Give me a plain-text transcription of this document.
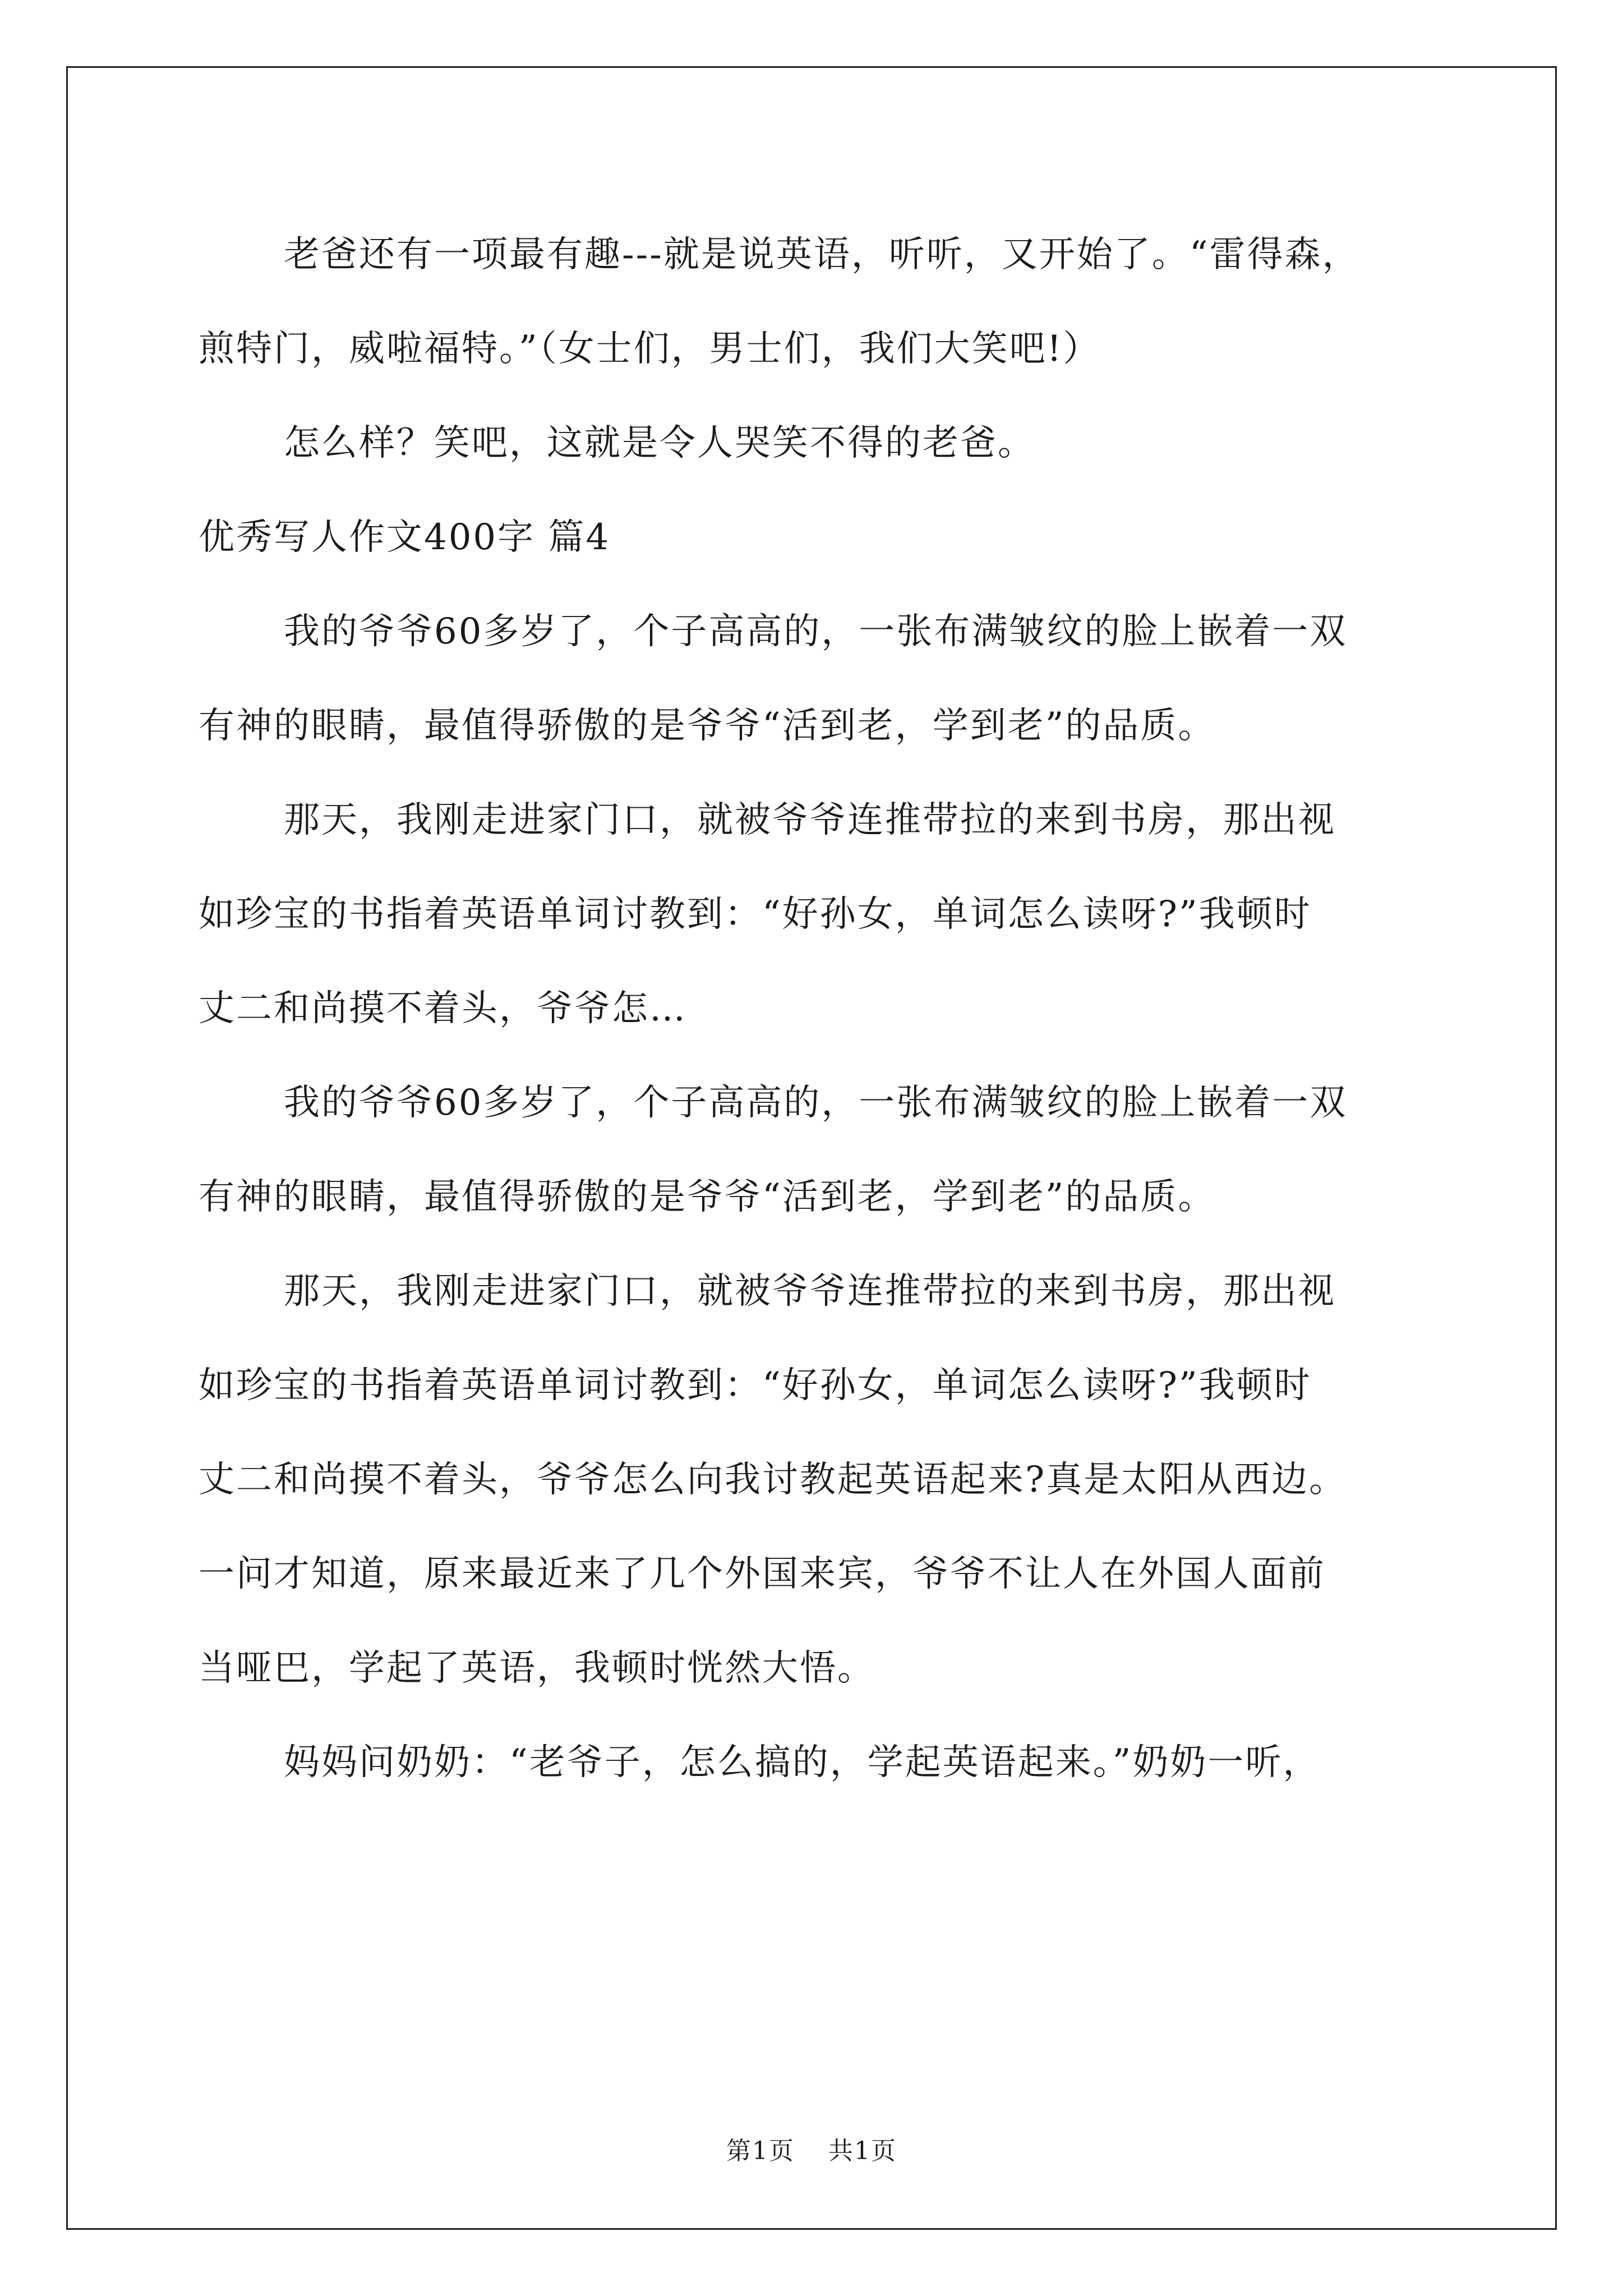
老爸还有一项最有趣---就是说英语，听听，又开始了。“雷得森，
煎特门，威啦福特。”（女士们，男士们，我们大笑吧!）
怎么样？笑吧，这就是令人哭笑不得的老爸。
优秀写人作文400字 篇4
我的爷爷60多岁了，个子高高的，一张布满皱纹的脸上嵌着一双
有神的眼睛，最值得骄傲的是爷爷“活到老，学到老”的品质。
那天，我刚走进家门口，就被爷爷连推带拉的来到书房，那出视
如珍宝的书指着英语单词讨教到：“好孙女，单词怎么读呀?”我顿时
丈二和尚摸不着头，爷爷怎…
我的爷爷60多岁了，个子高高的，一张布满皱纹的脸上嵌着一双
有神的眼睛，最值得骄傲的是爷爷“活到老，学到老”的品质。
那天，我刚走进家门口，就被爷爷连推带拉的来到书房，那出视
如珍宝的书指着英语单词讨教到：“好孙女，单词怎么读呀?”我顿时
丈二和尚摸不着头，爷爷怎么向我讨教起英语起来?真是太阳从西边。
一问才知道，原来最近来了几个外国来宾，爷爷不让人在外国人面前
当哑巴，学起了英语，我顿时恍然大悟。
妈妈问奶奶：“老爷子，怎么搞的，学起英语起来。”奶奶一听，
第1页 共1页
